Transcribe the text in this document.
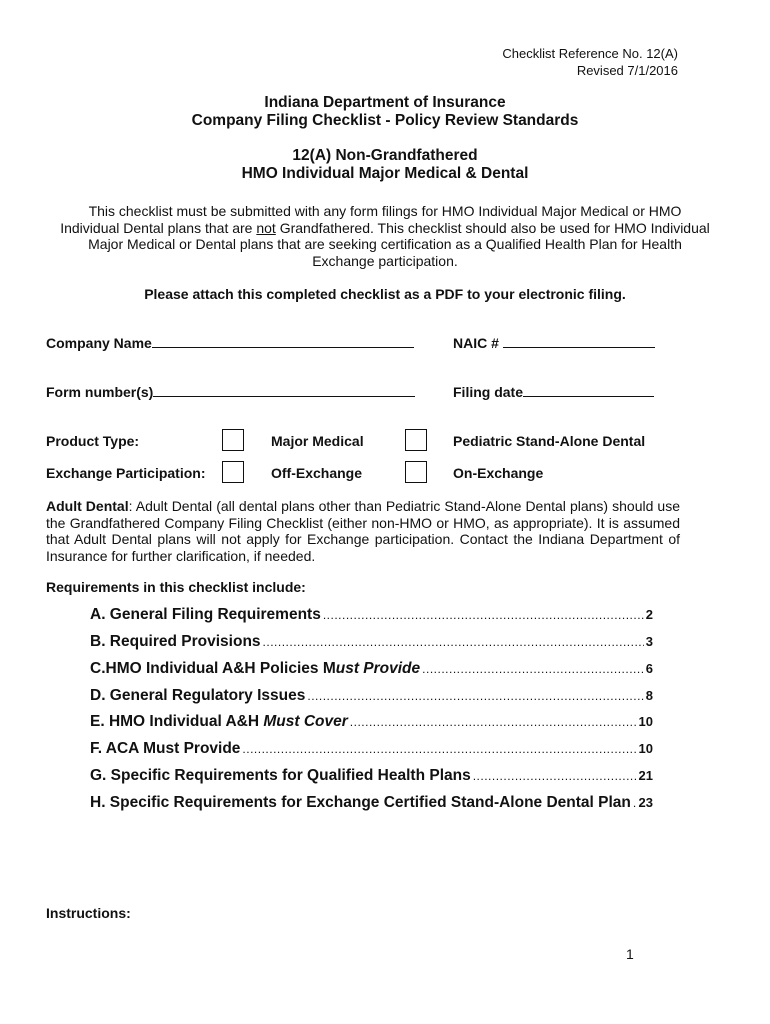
Checklist Reference No. 12(A)
Revised 7/1/2016
Indiana Department of Insurance
Company Filing Checklist - Policy Review Standards
12(A) Non-Grandfathered
HMO Individual Major Medical & Dental
This checklist must be submitted with any form filings for HMO Individual Major Medical or HMO Individual Dental plans that are not Grandfathered. This checklist should also be used for HMO Individual Major Medical or Dental plans that are seeking certification as a Qualified Health Plan for Health Exchange participation.
Please attach this completed checklist as a PDF to your electronic filing.
Company Name	NAIC #
Form number(s)	Filing date
Product Type:	Major Medical	Pediatric Stand-Alone Dental
Exchange Participation:	Off-Exchange	On-Exchange
Adult Dental: Adult Dental (all dental plans other than Pediatric Stand-Alone Dental plans) should use the Grandfathered Company Filing Checklist (either non-HMO or HMO, as appropriate). It is assumed that Adult Dental plans will not apply for Exchange participation. Contact the Indiana Department of Insurance for further clarification, if needed.
Requirements in this checklist include:
A. General Filing Requirements .....	2
B. Required Provisions .....	3
C.HMO Individual A&H Policies Must Provide .....	6
D. General Regulatory Issues .....	8
E. HMO Individual A&H Must Cover .....	10
F. ACA Must Provide .....	10
G. Specific Requirements for Qualified Health Plans .....	21
H. Specific Requirements for Exchange Certified Stand-Alone Dental Plan ..... 23
Instructions:
1
